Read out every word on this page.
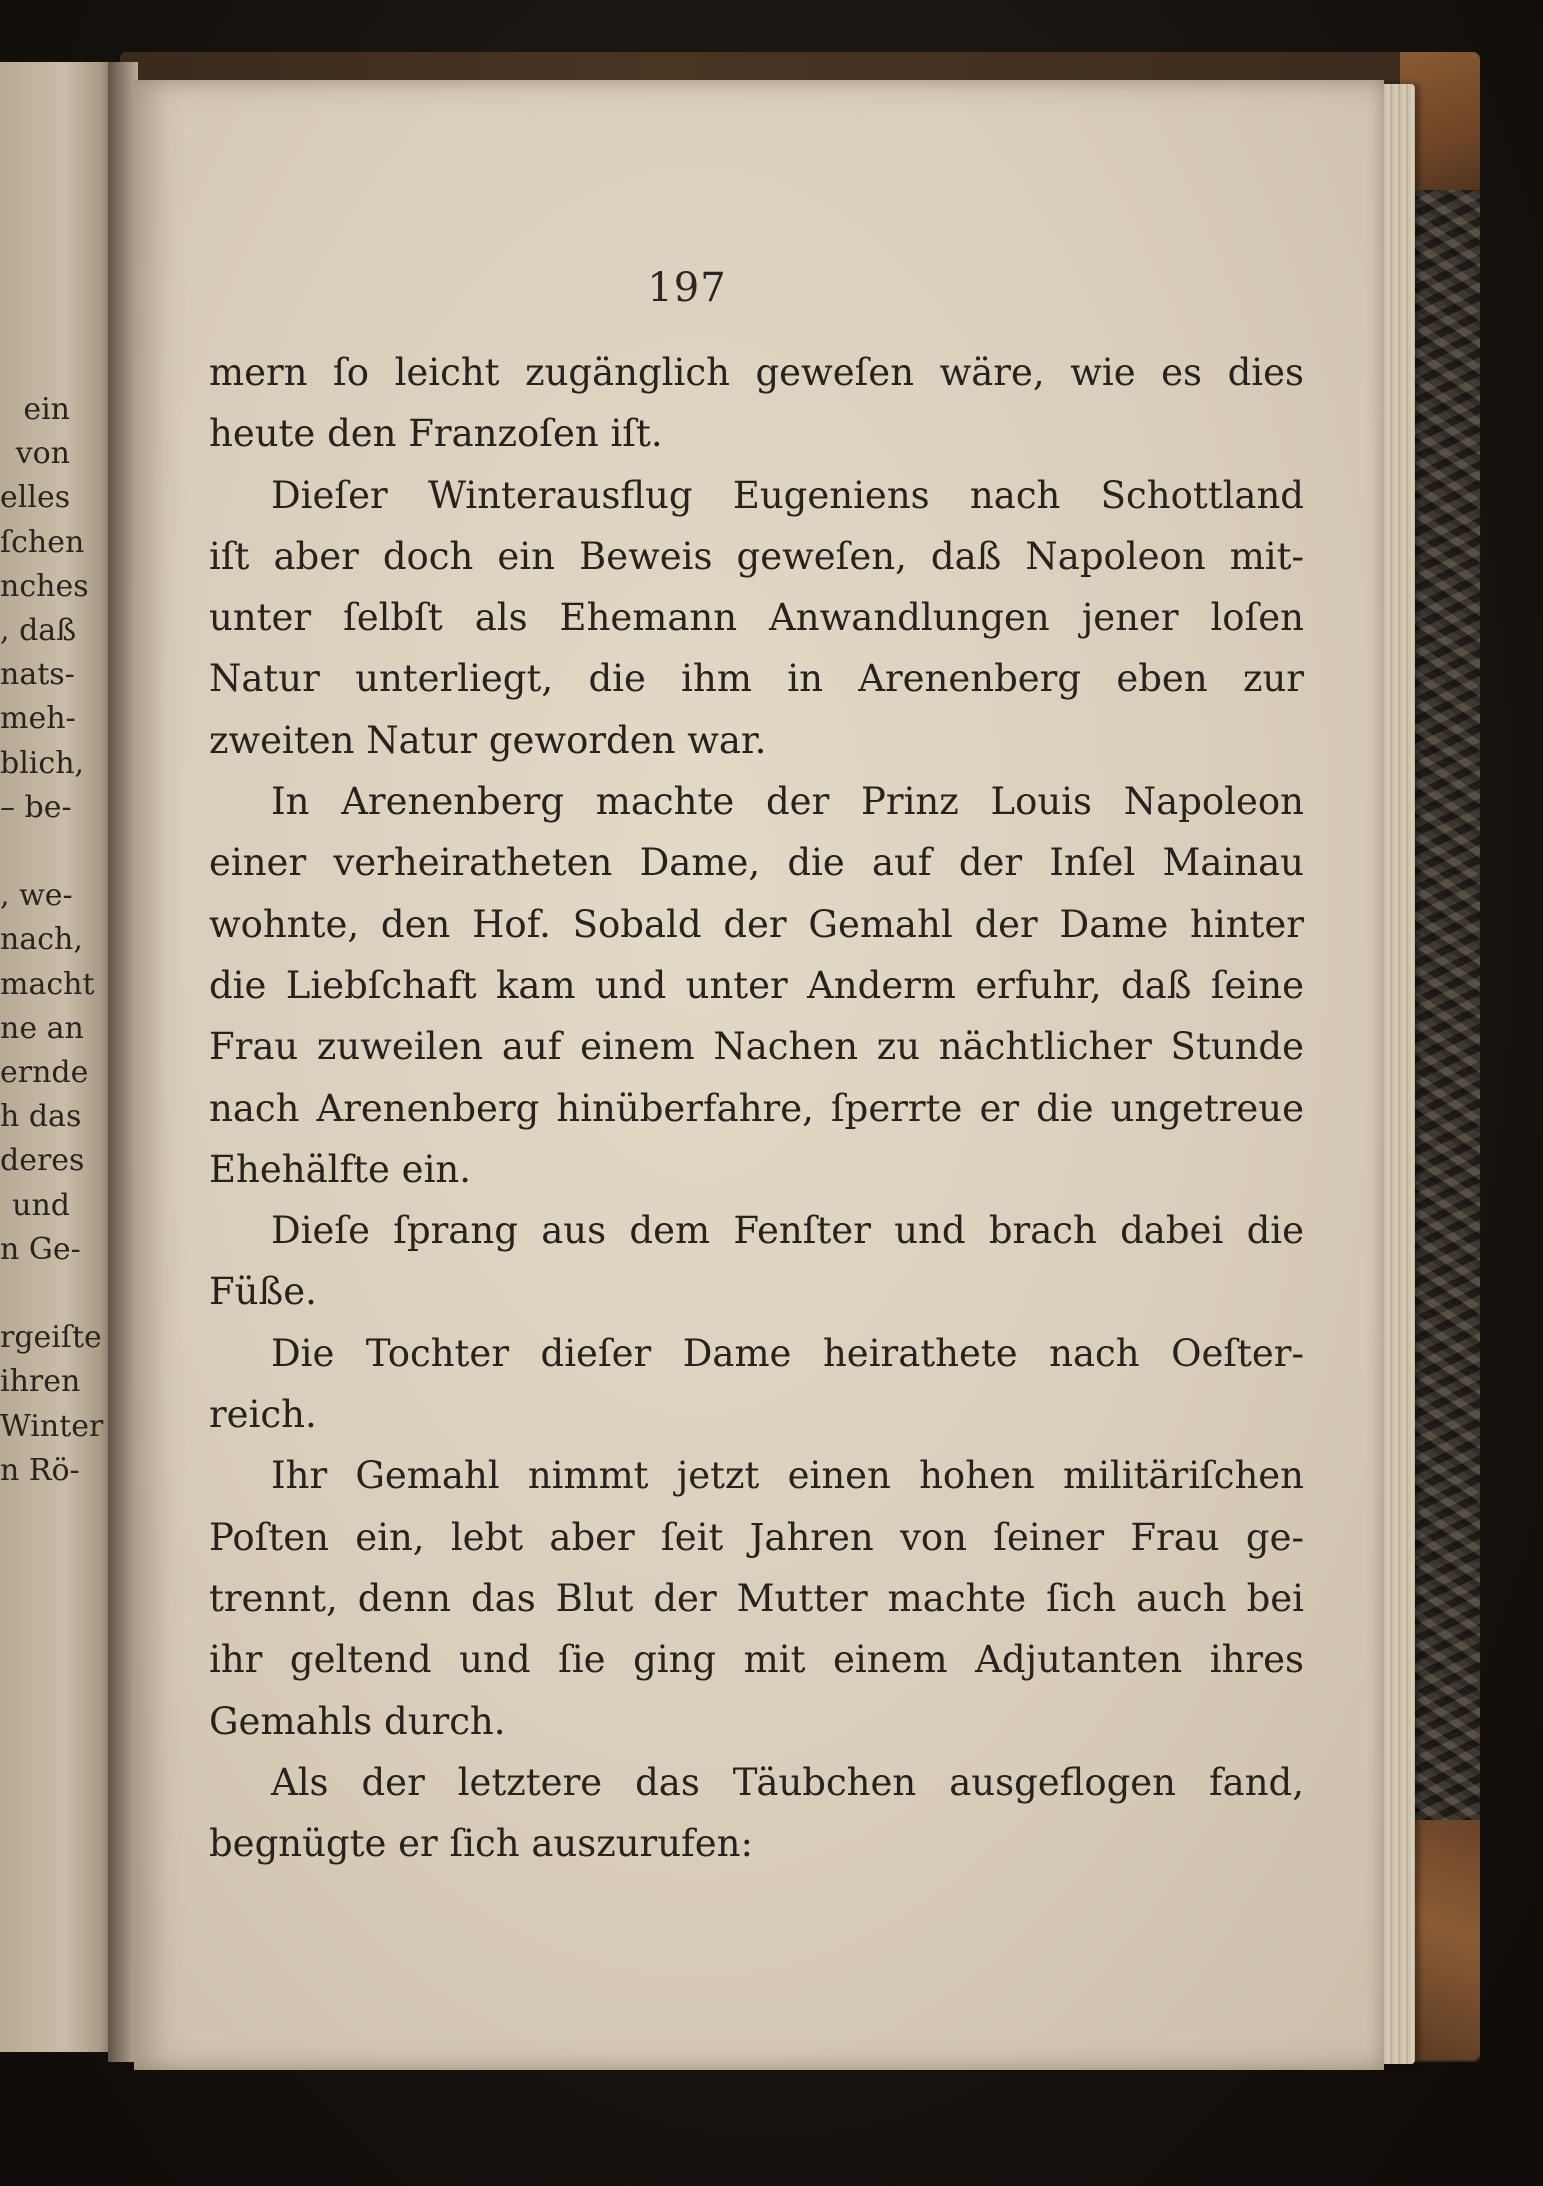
ein
von
elles
ſchen
nches
, daß
nats-
meh-
blich,
– be-
, we-
nach,
macht
ne an
ernde
h das
deres
und
n Ge-
rgeiſte
ihren
Winter
n Rö-
197
mern ſo leicht zugänglich geweſen wäre, wie es dies
heute den Franzoſen iſt.
Dieſer Winterausflug Eugeniens nach Schottland
iſt aber doch ein Beweis geweſen, daß Napoleon mit-
unter ſelbſt als Ehemann Anwandlungen jener loſen
Natur unterliegt, die ihm in Arenenberg eben zur
zweiten Natur geworden war.
In Arenenberg machte der Prinz Louis Napoleon
einer verheiratheten Dame, die auf der Inſel Mainau
wohnte, den Hof. Sobald der Gemahl der Dame hinter
die Liebſchaft kam und unter Anderm erfuhr, daß ſeine
Frau zuweilen auf einem Nachen zu nächtlicher Stunde
nach Arenenberg hinüberfahre, ſperrte er die ungetreue
Ehehälfte ein.
Dieſe ſprang aus dem Fenſter und brach dabei die
Füße.
Die Tochter dieſer Dame heirathete nach Oeſter-
reich.
Ihr Gemahl nimmt jetzt einen hohen militäriſchen
Poſten ein, lebt aber ſeit Jahren von ſeiner Frau ge-
trennt, denn das Blut der Mutter machte ſich auch bei
ihr geltend und ſie ging mit einem Adjutanten ihres
Gemahls durch.
Als der letztere das Täubchen ausgeflogen fand,
begnügte er ſich auszurufen:
